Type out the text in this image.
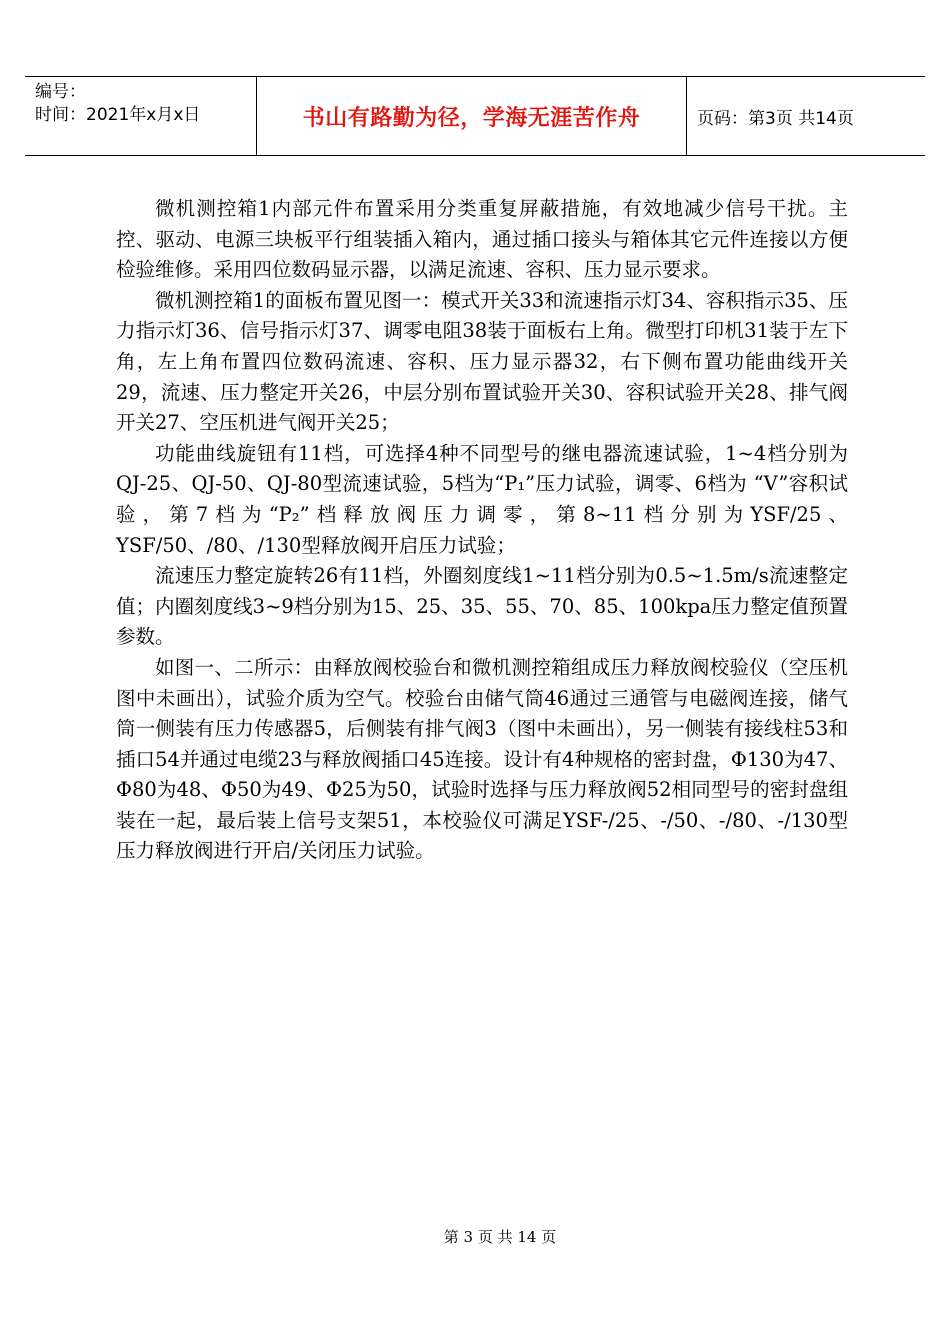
编号：
时间：2021年x月x日	书山有路勤为径，学海无涯苦作舟	页码：第3页 共14页

微机测控箱1内部元件布置采用分类重复屏蔽措施，有效地减少信号干扰。主控、驱动、电源三块板平行组装插入箱内，通过插口接头与箱体其它元件连接以方便检验维修。采用四位数码显示器，以满足流速、容积、压力显示要求。

微机测控箱1的面板布置见图一：模式开关33和流速指示灯34、容积指示35、压力指示灯36、信号指示灯37、调零电阻38装于面板右上角。微型打印机31装于左下角，左上角布置四位数码流速、容积、压力显示器32，右下侧布置功能曲线开关29，流速、压力整定开关26，中层分别布置试验开关30、容积试验开关28、排气阀开关27、空压机进气阀开关25；

功能曲线旋钮有11档，可选择4种不同型号的继电器流速试验，1~4档分别为QJ-25、QJ-50、QJ-80型流速试验，5档为“P₁”压力试验，调零、6档为 “V”容积试验，第7档为“P₂”档释放阀压力调零，第8~11档分别为YSF/25、YSF/50、/80、/130型释放阀开启压力试验；

流速压力整定旋转26有11档，外圈刻度线1~11档分别为0.5~1.5m/s流速整定值；内圈刻度线3~9档分别为15、25、35、55、70、85、100kpa压力整定值预置参数。

如图一、二所示：由释放阀校验台和微机测控箱组成压力释放阀校验仪（空压机图中未画出），试验介质为空气。校验台由储气筒46通过三通管与电磁阀连接，储气筒一侧装有压力传感器5，后侧装有排气阀3（图中未画出），另一侧装有接线柱53和插口54并通过电缆23与释放阀插口45连接。设计有4种规格的密封盘，Φ130为47、Φ80为48、Φ50为49、Φ25为50，试验时选择与压力释放阀52相同型号的密封盘组装在一起，最后装上信号支架51，本校验仪可满足YSF-/25、-/50、-/80、-/130型压力释放阀进行开启/关闭压力试验。

第 3 页 共 14 页
